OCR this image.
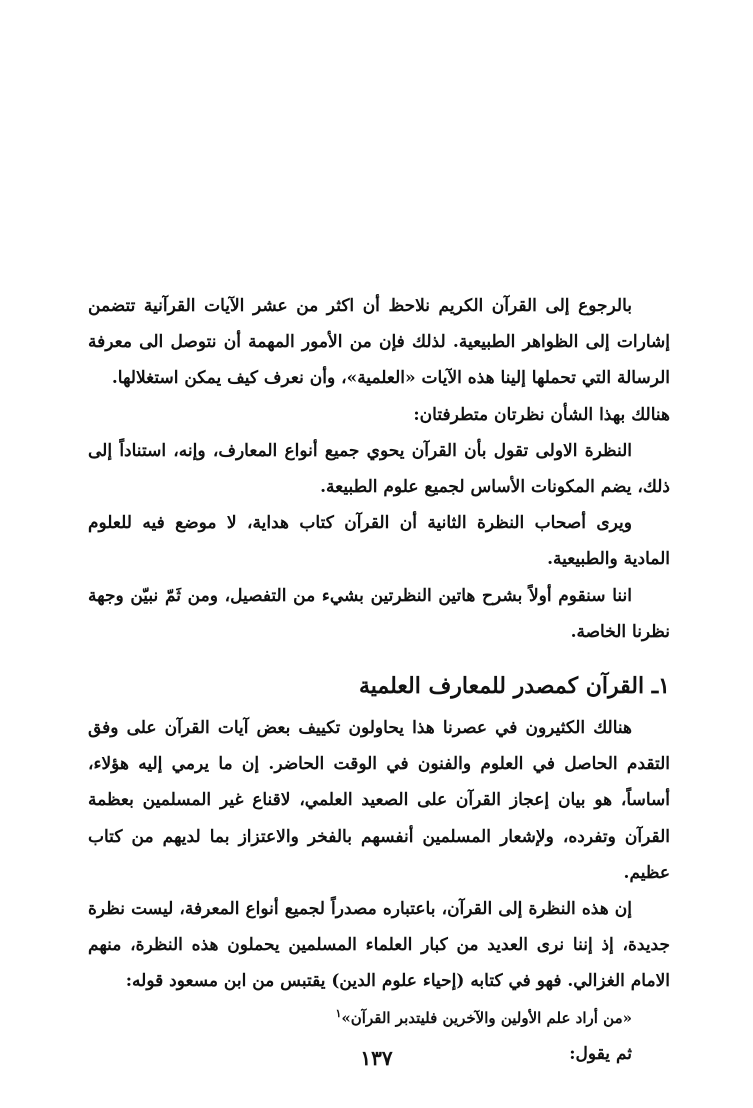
بالرجوع إلى القرآن الكريم نلاحظ أن اكثر من عشر الآيات القرآنية تتضمن إشارات إلى الظواهر الطبيعية. لذلك فإن من الأمور المهمة أن نتوصل الى معرفة الرسالة التي تحملها إلينا هذه الآيات «العلمية»، وأن نعرف كيف يمكن استغلالها.

هنالك بهذا الشأن نظرتان متطرفتان:

النظرة الاولى تقول بأن القرآن يحوي جميع أنواع المعارف، وإنه، استناداً إلى ذلك، يضم المكونات الأساس لجميع علوم الطبيعة.

ويرى أصحاب النظرة الثانية أن القرآن كتاب هداية، لا موضع فيه للعلوم المادية والطبيعية.

اننا سنقوم أولاً بشرح هاتين النظرتين بشيء من التفصيل، ومن ثَمّ نبيّن وجهة نظرنا الخاصة.

١ـ القرآن كمصدر للمعارف العلمية

هنالك الكثيرون في عصرنا هذا يحاولون تكييف بعض آيات القرآن على وفق التقدم الحاصل في العلوم والفنون في الوقت الحاضر. إن ما يرمي إليه هؤلاء، أساساً، هو بيان إعجاز القرآن على الصعيد العلمي، لاقناع غير المسلمين بعظمة القرآن وتفرده، ولإشعار المسلمين أنفسهم بالفخر والاعتزاز بما لديهم من كتاب عظيم.

إن هذه النظرة إلى القرآن، باعتباره مصدراً لجميع أنواع المعرفة، ليست نظرة جديدة، إذ إننا نرى العديد من كبار العلماء المسلمين يحملون هذه النظرة، منهم الامام الغزالي. فهو في كتابه (إحياء علوم الدين) يقتبس من ابن مسعود قوله:

«من أراد علم الأولين والآخرين فليتدبر القرآن»$^١$

ثم يقول:

١٣٧
